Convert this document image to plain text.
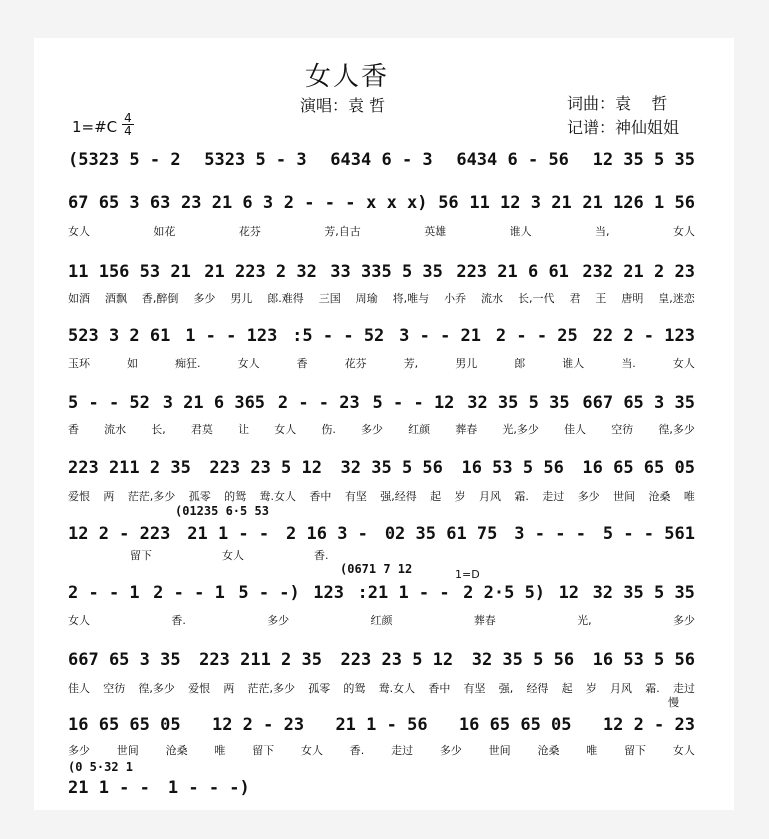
女人香
演唱：袁 哲
1=#C 4
4
词曲：袁    哲
记谱：神仙姐姐
(5323 5 - 2 5323 5 - 3 6434 6 - 3 6434 6 - 56 12 35 5 35
67 65 3 63 23 21 6 3 2 - - - x x x) 56 11 12 3 21 21 126 1 56
女人	如花	花芬	芳,自古	英雄	谁人	当,	女人
11 156 53 21 21 223 2 32 33 335 5 35 223 21 6 61 232 21 2 23
如酒 酒飘 香,醉倒 多少 男儿 郎.难得 三国 周瑜 将,唯与 小乔 流水 长,一代 君 王 唐明 皇,迷恋
523 3 2 61 1 - - 123 :5 - - 52 3 - - 21 2 - - 25 22 2 - 123
玉环	如	痴狂.	女人	香	花芬	芳,	男儿	郎	谁人	当.	女人
5 - - 52 3 21 6 365 2 - - 23 5 - - 12 32 35 5 35 667 65 3 35
香 流水 长, 君莫 让 女人 伤. 多少 红颜 葬春 光,多少 佳人 空彷 徨,多少
223 211 2 35 223 23 5 12 32 35 5 56 16 53 5 56 16 65 65 05
爱恨 两 茫茫,多少 孤零 的鸳 鸯.女人 香中 有坚 强,经得 起 岁 月风 霜. 走过 多少 世间 沧桑 唯
12 2 - 223 21 1 - - 2 16 3 - 02 35 61 75 3 - - - 5 - - 561
留下	女人	香.
(01235 6·5 53
2 - - 1 2 - - 1 5 - -) 123 :21 1 - - 2 2·5 5) 12 32 35 5 35
女人	香.	多少	红颜	葬春	光,	多少
(0671 7 12	1=D
667 65 3 35 223 211 2 35 223 23 5 12 32 35 5 56 16 53 5 56
佳人 空彷 徨,多少 爱恨 两 茫茫,多少 孤零 的鸳 鸯.女人 香中 有坚 强, 经得 起 岁 月风 霜. 走过
慢
16 65 65 05 12 2 - 23 21 1 - 56 16 65 65 05 12 2 - 23
多少 世间 沧桑 唯 留下 女人 香. 走过 多少 世间 沧桑 唯 留下 女人
21 1 - - 1 - - -)
(0 5·32 1
